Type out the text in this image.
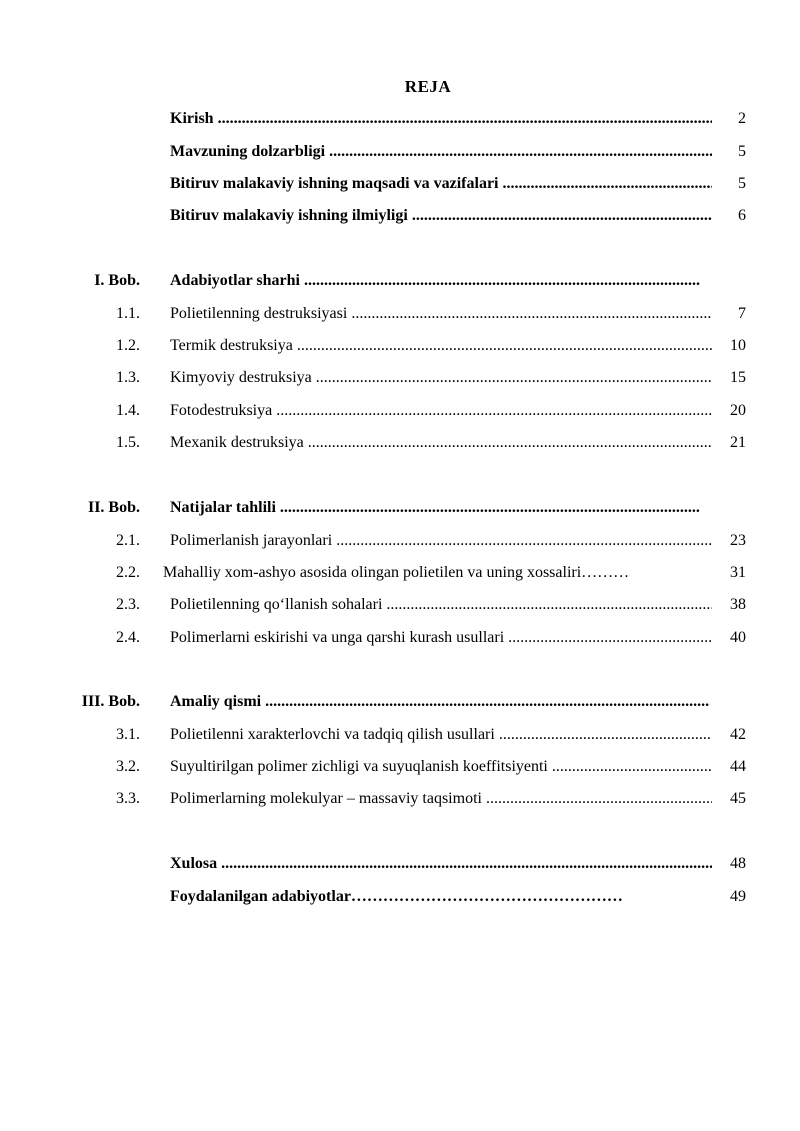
REJA
Kirish .....	2
Mavzuning dolzarbligi .....	5
Bitiruv malakaviy ishning maqsadi va vazifalari .....	5
Bitiruv malakaviy ishning ilmiyligi .....	6
I. Bob. Adabiyotlar sharhi .....
1.1. Polietilenning destruksiyasi .....	7
1.2. Termik destruksiya .....	10
1.3. Kimyoviy destruksiya .....	15
1.4. Fotodestruksiya .....	20
1.5. Mexanik destruksiya .....	21
II. Bob. Natijalar tahlili .....
2.1. Polimerlanish jarayonlari .....	23
2.2. Mahalliy xom-ashyo asosida olingan polietilen va uning xossaliri………	31
2.3. Polietilenning qo‘llanish sohalari .....	38
2.4. Polimerlarni eskirishi va unga qarshi kurash usullari .....	40
III. Bob. Amaliy qismi .....
3.1. Polietilenni xarakterlovchi va tadqiq qilish usullari .....	42
3.2. Suyultirilgan polimer zichligi va suyuqlanish koeffitsiyenti .....	44
3.3. Polimerlarning molekulyar – massaviy taqsimoti .....	45
Xulosa .....	48
Foydalanilgan adabiyotlar……………………………………………	49
